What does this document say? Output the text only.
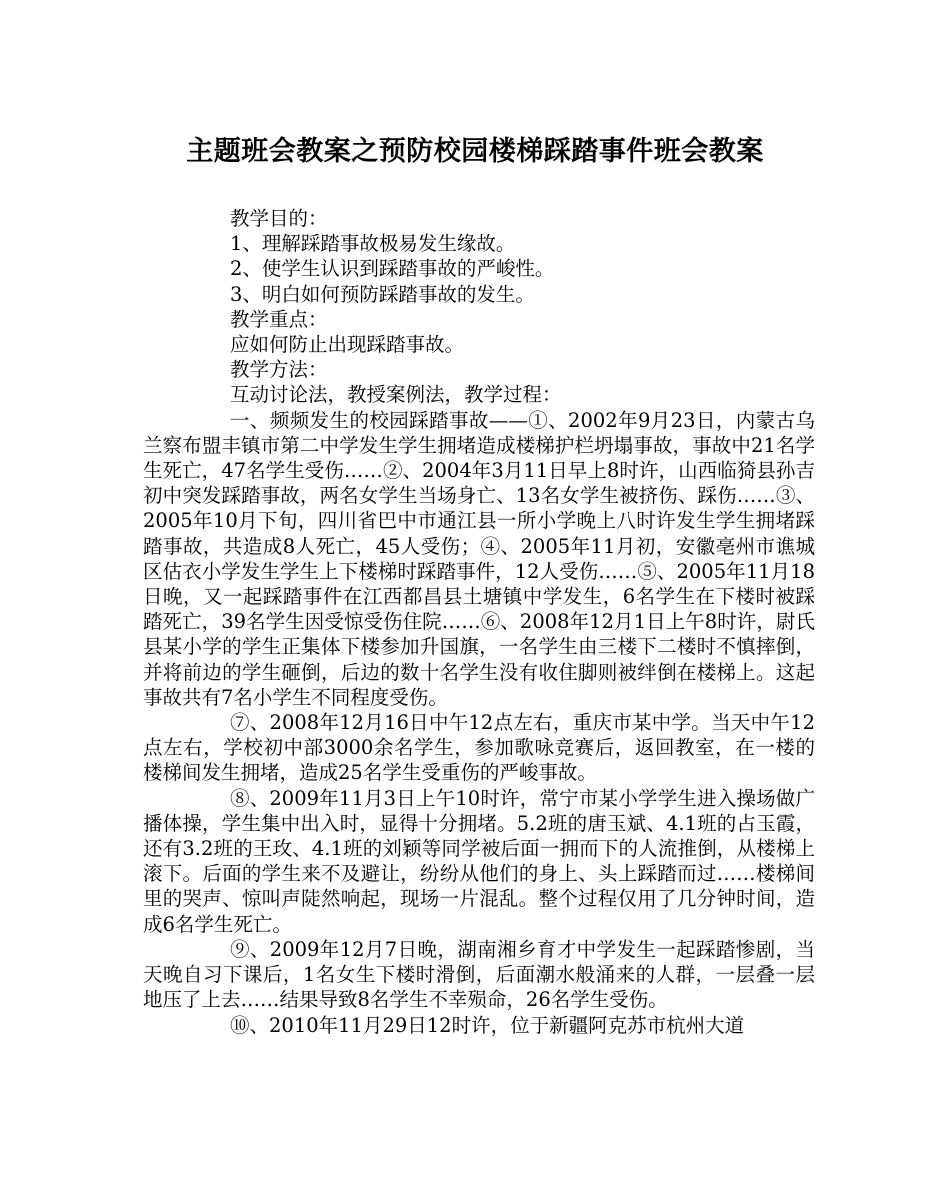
主题班会教案之预防校园楼梯踩踏事件班会教案

教学目的：

1、理解踩踏事故极易发生缘故。

2、使学生认识到踩踏事故的严峻性。

3、明白如何预防踩踏事故的发生。

教学重点：

应如何防止出现踩踏事故。

教学方法：

互动讨论法，教授案例法，教学过程：

一、频频发生的校园踩踏事故——①、2002年9月23日，内蒙古乌兰察布盟丰镇市第二中学发生学生拥堵造成楼梯护栏坍塌事故，事故中21名学生死亡，47名学生受伤……②、2004年3月11日早上8时许，山西临猗县孙吉初中突发踩踏事故，两名女学生当场身亡、13名女学生被挤伤、踩伤……③、2005年10月下旬，四川省巴中市通江县一所小学晚上八时许发生学生拥堵踩踏事故，共造成8人死亡，45人受伤；④、2005年11月初，安徽亳州市谯城区估衣小学发生学生上下楼梯时踩踏事件，12人受伤……⑤、2005年11月18日晚，又一起踩踏事件在江西都昌县土塘镇中学发生，6名学生在下楼时被踩踏死亡，39名学生因受惊受伤住院……⑥、2008年12月1日上午8时许，尉氏县某小学的学生正集体下楼参加升国旗，一名学生由三楼下二楼时不慎摔倒，并将前边的学生砸倒，后边的数十名学生没有收住脚则被绊倒在楼梯上。这起事故共有7名小学生不同程度受伤。

⑦、2008年12月16日中午12点左右，重庆市某中学。当天中午12点左右，学校初中部3000余名学生，参加歌咏竞赛后，返回教室，在一楼的楼梯间发生拥堵，造成25名学生受重伤的严峻事故。

⑧、2009年11月3日上午10时许，常宁市某小学学生进入操场做广播体操，学生集中出入时，显得十分拥堵。5.2班的唐玉斌、4.1班的占玉霞，还有3.2班的王玫、4.1班的刘颖等同学被后面一拥而下的人流推倒，从楼梯上滚下。后面的学生来不及避让，纷纷从他们的身上、头上踩踏而过……楼梯间里的哭声、惊叫声陡然响起，现场一片混乱。整个过程仅用了几分钟时间，造成6名学生死亡。

⑨、2009年12月7日晚，湖南湘乡育才中学发生一起踩踏惨剧，当天晚自习下课后，1名女生下楼时滑倒，后面潮水般涌来的人群，一层叠一层地压了上去……结果导致8名学生不幸殒命，26名学生受伤。

⑩、2010年11月29日12时许，位于新疆阿克苏市杭州大道
